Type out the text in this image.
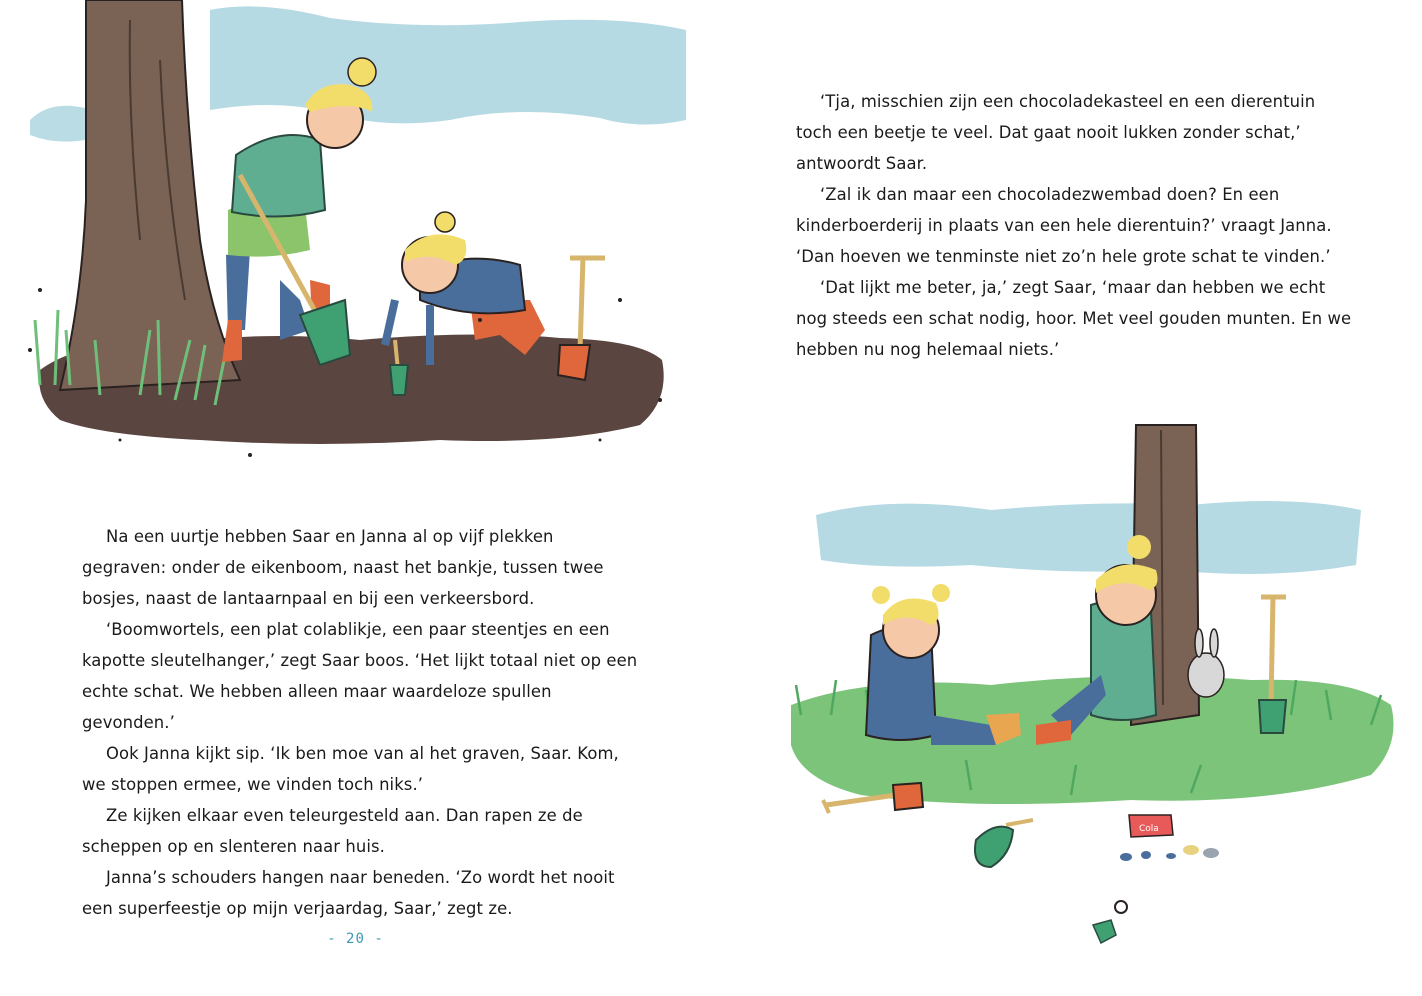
Na een uurtje hebben Saar en Janna al op vijf plekken gegraven: onder de eikenboom, naast het bankje, tussen twee bosjes, naast de lantaarnpaal en bij een verkeersbord.

‘Boomwortels, een plat colablikje, een paar steentjes en een kapotte sleutelhanger,’ zegt Saar boos. ‘Het lijkt totaal niet op een echte schat. We hebben alleen maar waardeloze spullen gevonden.’

Ook Janna kijkt sip. ‘Ik ben moe van al het graven, Saar. Kom, we stoppen ermee, we vinden toch niks.’

Ze kijken elkaar even teleurgesteld aan. Dan rapen ze de scheppen op en slenteren naar huis.

Janna’s schouders hangen naar beneden. ‘Zo wordt het nooit een superfeestje op mijn verjaardag, Saar,’ zegt ze.

- 20 -

‘Tja, misschien zijn een chocoladekasteel en een dierentuin toch een beetje te veel. Dat gaat nooit lukken zonder schat,’ antwoordt Saar.

‘Zal ik dan maar een chocoladezwembad doen? En een kinderboerderij in plaats van een hele dierentuin?’ vraagt Janna. ‘Dan hoeven we tenminste niet zo’n hele grote schat te vinden.’

‘Dat lijkt me beter, ja,’ zegt Saar, ‘maar dan hebben we echt nog steeds een schat nodig, hoor. Met veel gouden munten. En we hebben nu nog helemaal niets.’

Cola
